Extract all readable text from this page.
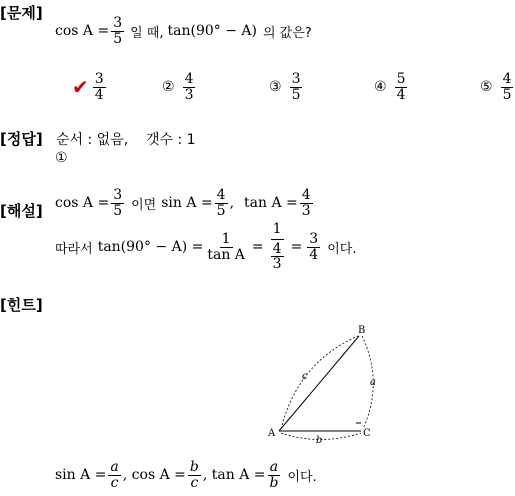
[문제]
$\cos A = \frac{3}{5}$ 일 때, tan(90° − A) 의 값은?
✔ $\frac{3}{4}$	② $\frac{4}{3}$	③ $\frac{3}{5}$	④ $\frac{5}{4}$	⑤ $\frac{4}{5}$
[정답] 순서 : 없음,    갯수 : 1
①
[해설] $\cos A = \frac{3}{5}$ 이면 $\sin A = \frac{4}{5}$ , $\tan A = \frac{4}{3}$
따라서 $\tan(90^\circ - A) = \frac{1}{\text{tan A}} = \frac{1}{\frac{4}{3}} = \frac{3}{4}$ 이다.
[힌트]
A
B
C
c
a
b
$\sin A = \frac{a}{c}$ , $\cos A = \frac{b}{c}$ , $\tan A = \frac{a}{b}$ 이다.
